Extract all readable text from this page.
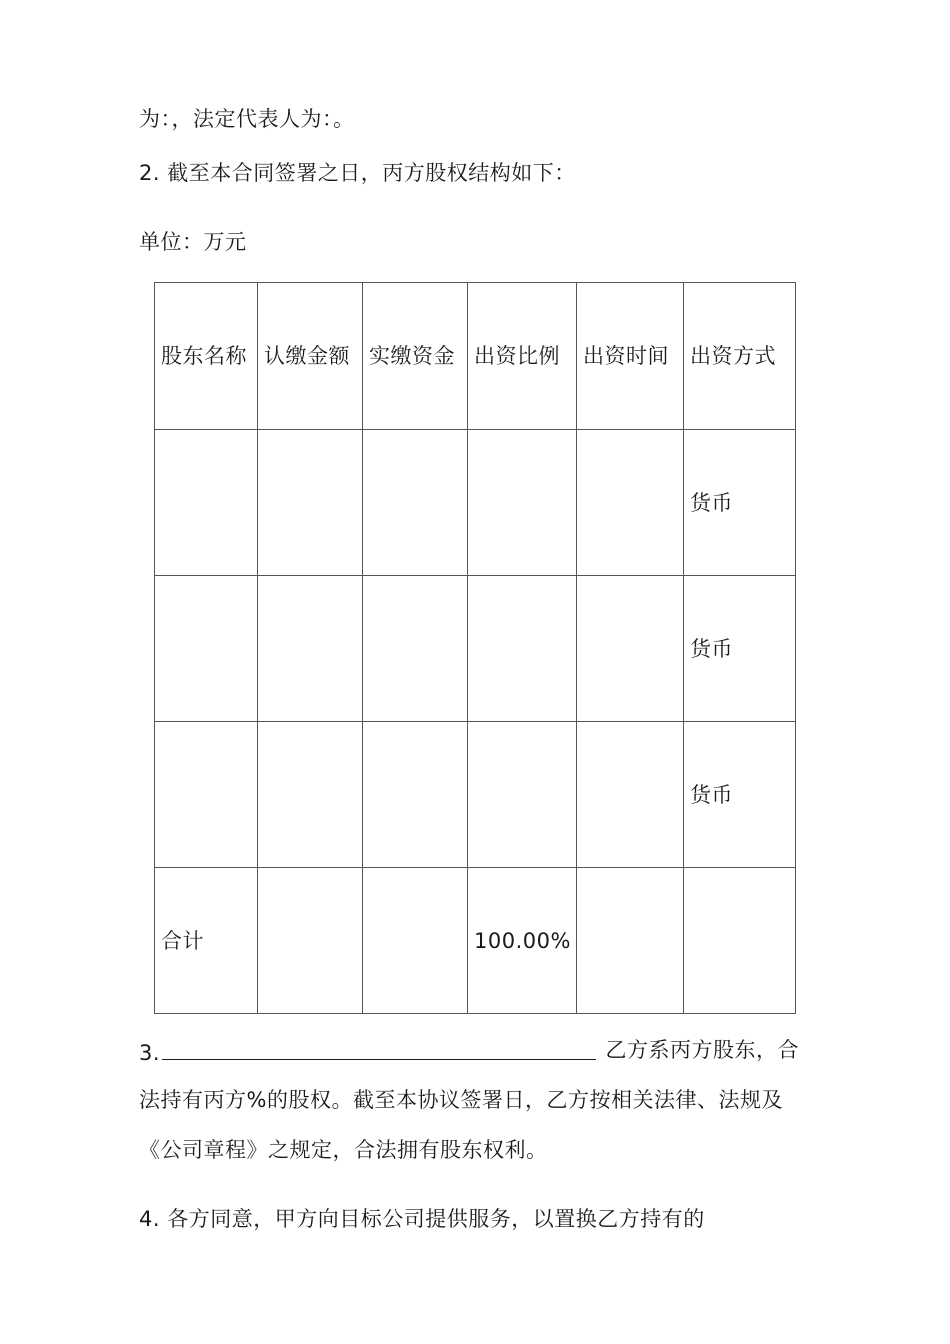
为：，法定代表人为：。
2. 截至本合同签署之日，丙方股权结构如下：
单位：万元
股东名称	认缴金额	实缴资金	出资比例	出资时间	出资方式
					货币
					货币
					货币
合计			100.00%		
3.	乙方系丙方股东，合
法持有丙方%的股权。截至本协议签署日，乙方按相关法律、法规及
《公司章程》之规定，合法拥有股东权利。
4. 各方同意，甲方向目标公司提供服务，以置换乙方持有的
